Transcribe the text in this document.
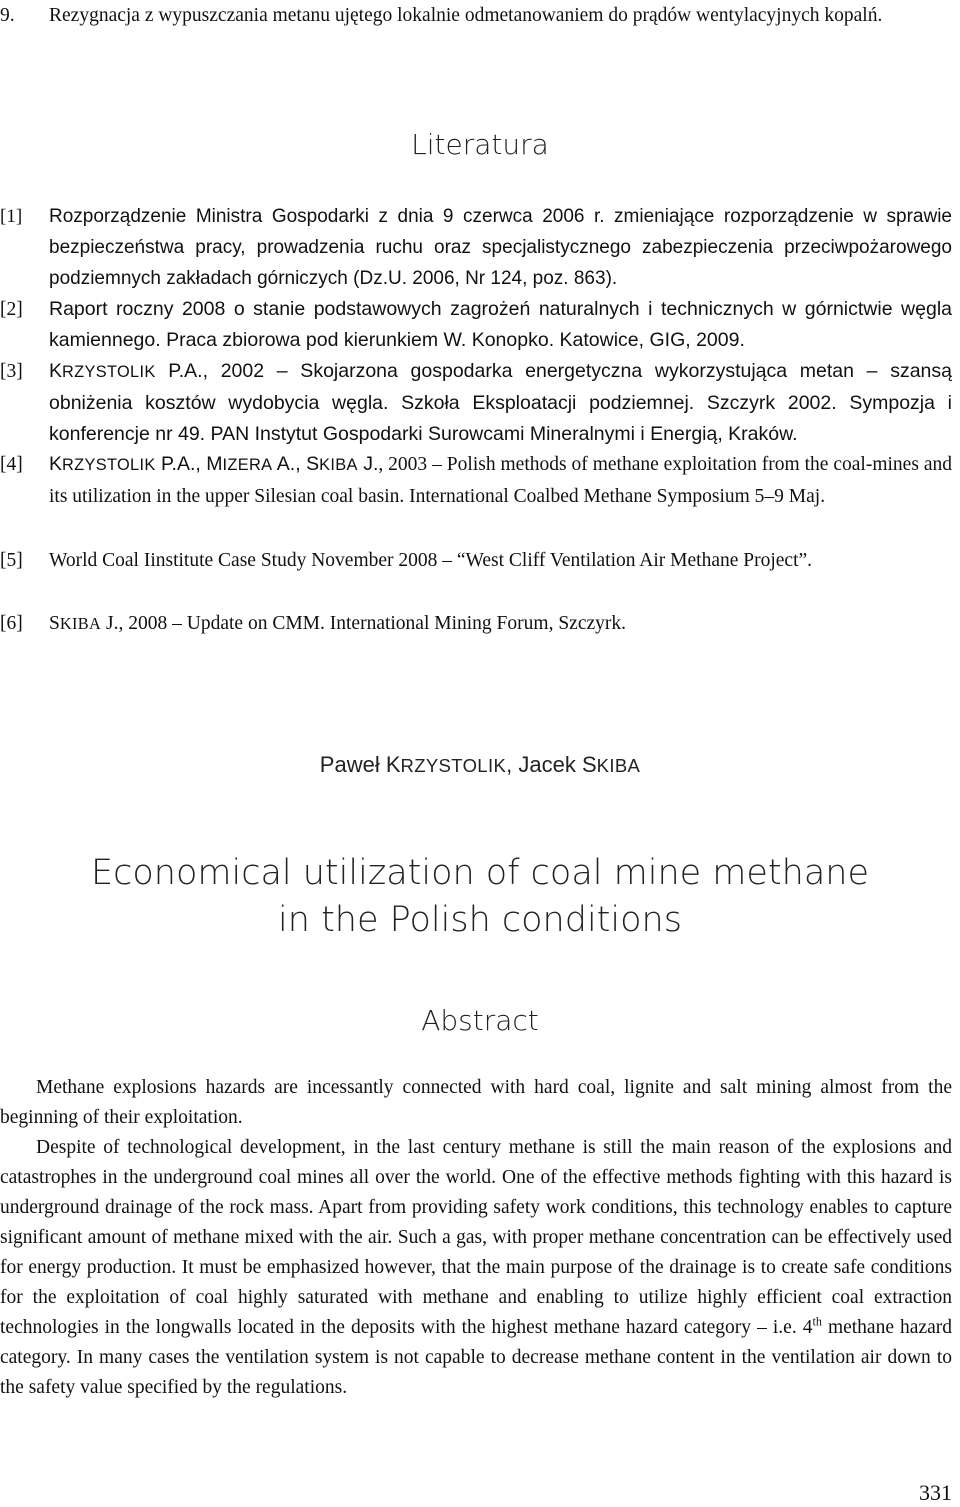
9. Rezygnacja z wypuszczania metanu ujętego lokalnie odmetanowaniem do prądów wentylacyjnych kopalń.
Literatura
[1] Rozporządzenie Ministra Gospodarki z dnia 9 czerwca 2006 r. zmieniające rozporządzenie w sprawie bezpieczeństwa pracy, prowadzenia ruchu oraz specjalistycznego zabezpieczenia przeciwpożarowego podziemnych zakładach górniczych (Dz.U. 2006, Nr 124, poz. 863).
[2] Raport roczny 2008 o stanie podstawowych zagrożeń naturalnych i technicznych w górnictwie węgla kamiennego. Praca zbiorowa pod kierunkiem W. Konopko. Katowice, GIG, 2009.
[3] KRZYSTOLIK P.A., 2002 – Skojarzona gospodarka energetyczna wykorzystująca metan – szansą obniżenia kosztów wydobycia węgla. Szkoła Eksploatacji podziemnej. Szczyrk 2002. Sympozja i konferencje nr 49. PAN Instytut Gospodarki Surowcami Mineralnymi i Energią, Kraków.
[4] KRZYSTOLIK P.A., MIZERA A., SKIBA J., 2003 – Polish methods of methane exploitation from the coal-mines and its utilization in the upper Silesian coal basin. International Coalbed Methane Symposium 5–9 Maj.
[5] World Coal Iinstitute Case Study November 2008 – “West Cliff Ventilation Air Methane Project”.
[6] SKIBA J., 2008 – Update on CMM. International Mining Forum, Szczyrk.
Paweł KRZYSTOLIK, Jacek SKIBA
Economical utilization of coal mine methane
in the Polish conditions
Abstract
Methane explosions hazards are incessantly connected with hard coal, lignite and salt mining almost from the beginning of their exploitation.
Despite of technological development, in the last century methane is still the main reason of the explosions and catastrophes in the underground coal mines all over the world. One of the effective methods fighting with this hazard is underground drainage of the rock mass. Apart from providing safety work conditions, this technology enables to capture significant amount of methane mixed with the air. Such a gas, with proper methane concentration can be effectively used for energy production. It must be emphasized however, that the main purpose of the drainage is to create safe conditions for the exploitation of coal highly saturated with methane and enabling to utilize highly efficient coal extraction technologies in the longwalls located in the deposits with the highest methane hazard category – i.e. 4th methane hazard category. In many cases the ventilation system is not capable to decrease methane content in the ventilation air down to the safety value specified by the regulations.
331
